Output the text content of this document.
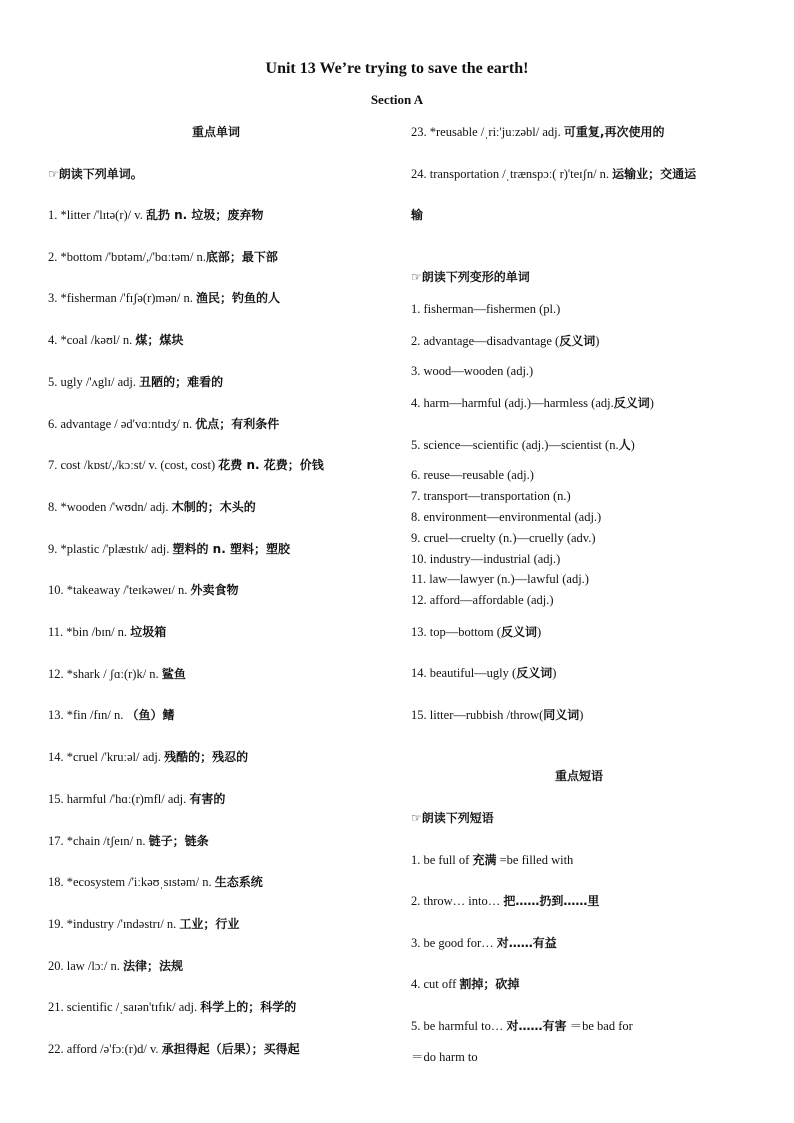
Unit 13 We’re trying to save the earth!
Section A
重点单词
☞朗读下列单词。
1. *litter /'lɪtə(r)/ v. 乱扔 n. 垃圾；废弃物
2. *bottom /'bɒtəm/,/'bɑːtəm/ n.底部；最下部
3. *fisherman /'fɪʃə(r)mən/ n. 渔民；钓鱼的人
4. *coal /kəʊl/ n. 煤；煤块
5. ugly /'ʌglɪ/ adj. 丑陋的；难看的
6. advantage / əd'vɑːntɪdʒ/ n. 优点；有利条件
7. cost /kɒst/,/kɔːst/ v. (cost, cost) 花费 n. 花费；价钱
8. *wooden /'wʊdn/ adj. 木制的；木头的
9. *plastic /'plæstɪk/ adj. 塑料的 n. 塑料；塑胶
10. *takeaway /'teɪkəweɪ/ n. 外卖食物
11. *bin /bɪn/ n. 垃圾箱
12. *shark / ʃɑː(r)k/ n. 鲨鱼
13. *fin /fɪn/ n. （鱼）鳍
14. *cruel /'kruːəl/ adj. 残酷的；残忍的
15. harmful /'hɑː(r)mfl/ adj. 有害的
17. *chain /tʃeɪn/ n. 链子；链条
18. *ecosystem /'iːkəʊˌsɪstəm/ n. 生态系统
19. *industry /'ɪndəstrɪ/ n. 工业；行业
20. law /lɔː/ n. 法律；法规
21. scientific /ˌsaɪən'tɪfɪk/ adj. 科学上的；科学的
22. afford /ə'fɔː(r)d/ v. 承担得起（后果）；买得起
23. *reusable /ˌriː'juːzəbl/ adj. 可重复,再次使用的
24. transportation /ˌtrænspɔː( r)'teɪʃn/ n. 运输业；交通运
输
☞朗读下列变形的单词
1. fisherman—fishermen (pl.)
2. advantage—disadvantage (反义词)
3. wood—wooden (adj.)
4. harm—harmful (adj.)—harmless (adj.反义词)
5. science—scientific (adj.)—scientist (n.人)
6. reuse—reusable (adj.)
7. transport—transportation (n.)
8. environment—environmental (adj.)
9. cruel—cruelty (n.)—cruelly (adv.)
10. industry—industrial (adj.)
11. law—lawyer (n.)—lawful (adj.)
12. afford—affordable (adj.)
13. top—bottom (反义词)
14. beautiful—ugly (反义词)
15. litter—rubbish /throw(同义词)
重点短语
☞朗读下列短语
1. be full of 充满 =be filled with
2. throw… into… 把……扔到……里
3. be good for… 对……有益
4. cut off 割掉；砍掉
5. be harmful to… 对……有害 ＝be bad for
＝do harm to
